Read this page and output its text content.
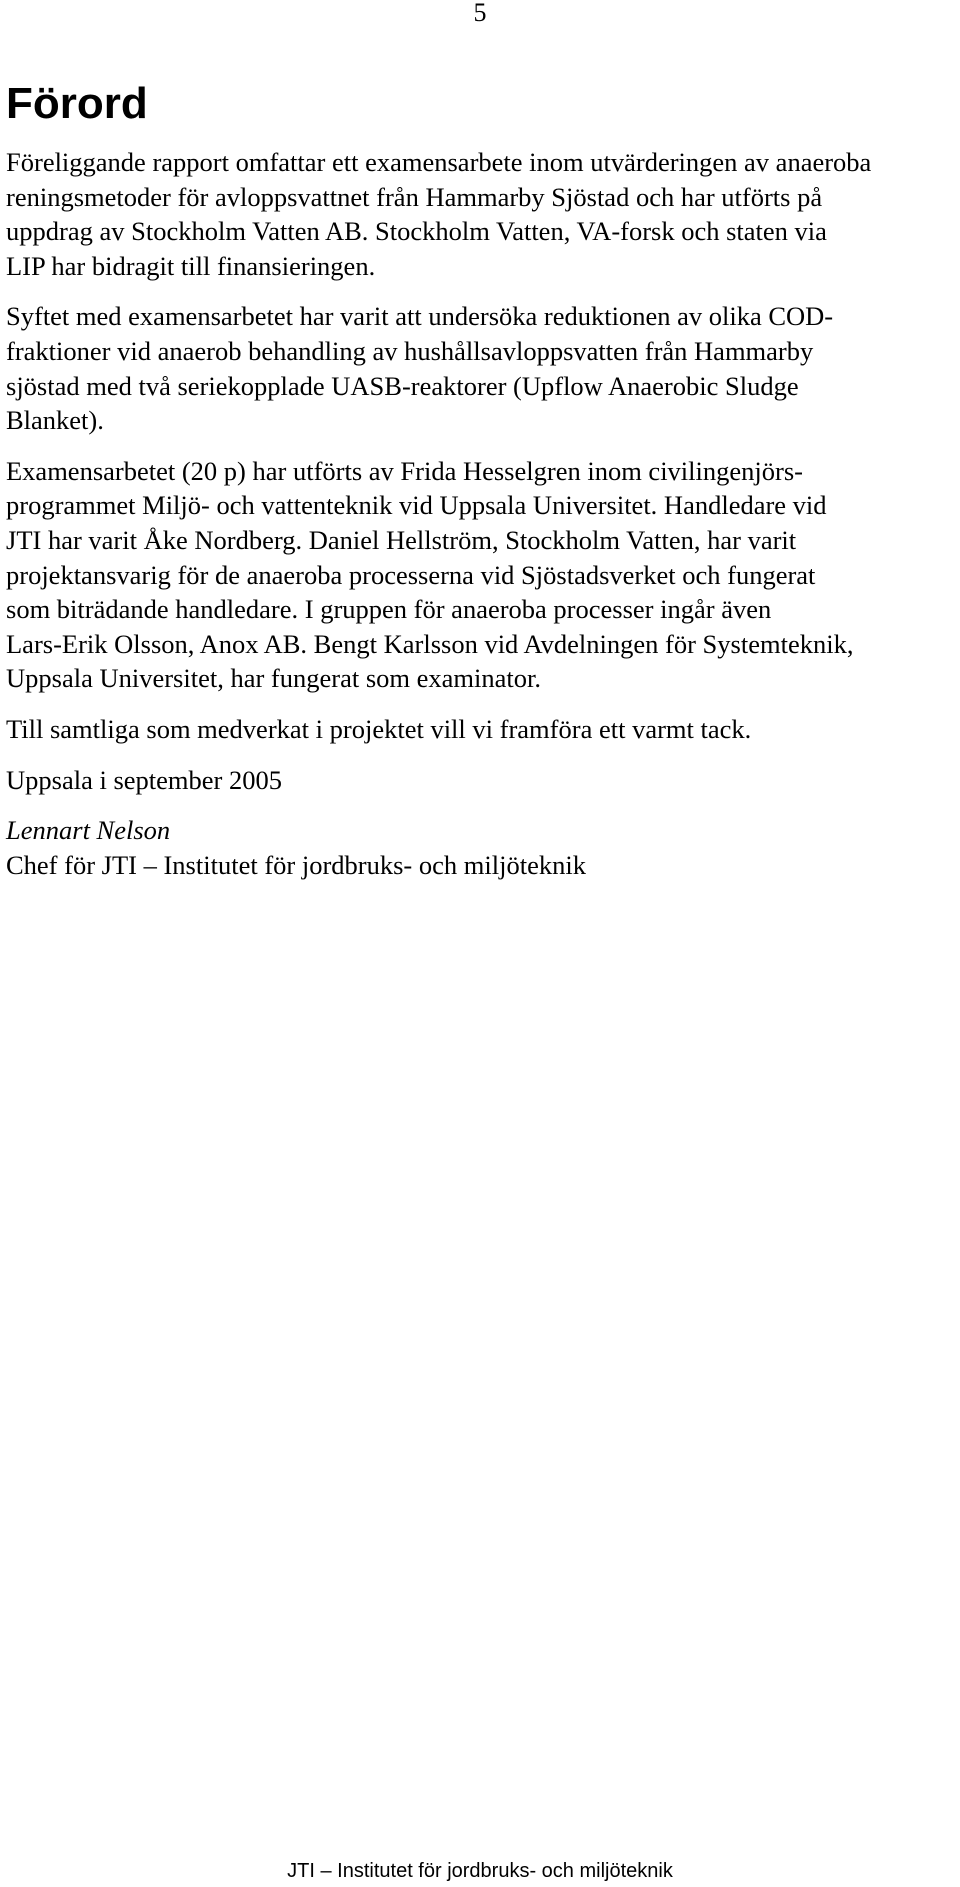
5
Förord

Föreliggande rapport omfattar ett examensarbete inom utvärderingen av anaeroba
reningsmetoder för avloppsvattnet från Hammarby Sjöstad och har utförts på
uppdrag av Stockholm Vatten AB. Stockholm Vatten, VA-forsk och staten via
LIP har bidragit till finansieringen.

Syftet med examensarbetet har varit att undersöka reduktionen av olika COD-
fraktioner vid anaerob behandling av hushållsavloppsvatten från Hammarby
sjöstad med två seriekopplade UASB-reaktorer (Upflow Anaerobic Sludge
Blanket).

Examensarbetet (20 p) har utförts av Frida Hesselgren inom civilingenjörs-
programmet Miljö- och vattenteknik vid Uppsala Universitet. Handledare vid
JTI har varit Åke Nordberg. Daniel Hellström, Stockholm Vatten, har varit
projektansvarig för de anaeroba processerna vid Sjöstadsverket och fungerat
som biträdande handledare. I gruppen för anaeroba processer ingår även
Lars-Erik Olsson, Anox AB. Bengt Karlsson vid Avdelningen för Systemteknik,
Uppsala Universitet, har fungerat som examinator.

Till samtliga som medverkat i projektet vill vi framföra ett varmt tack.

Uppsala i september 2005

Lennart Nelson
Chef för JTI – Institutet för jordbruks- och miljöteknik

JTI – Institutet för jordbruks- och miljöteknik
